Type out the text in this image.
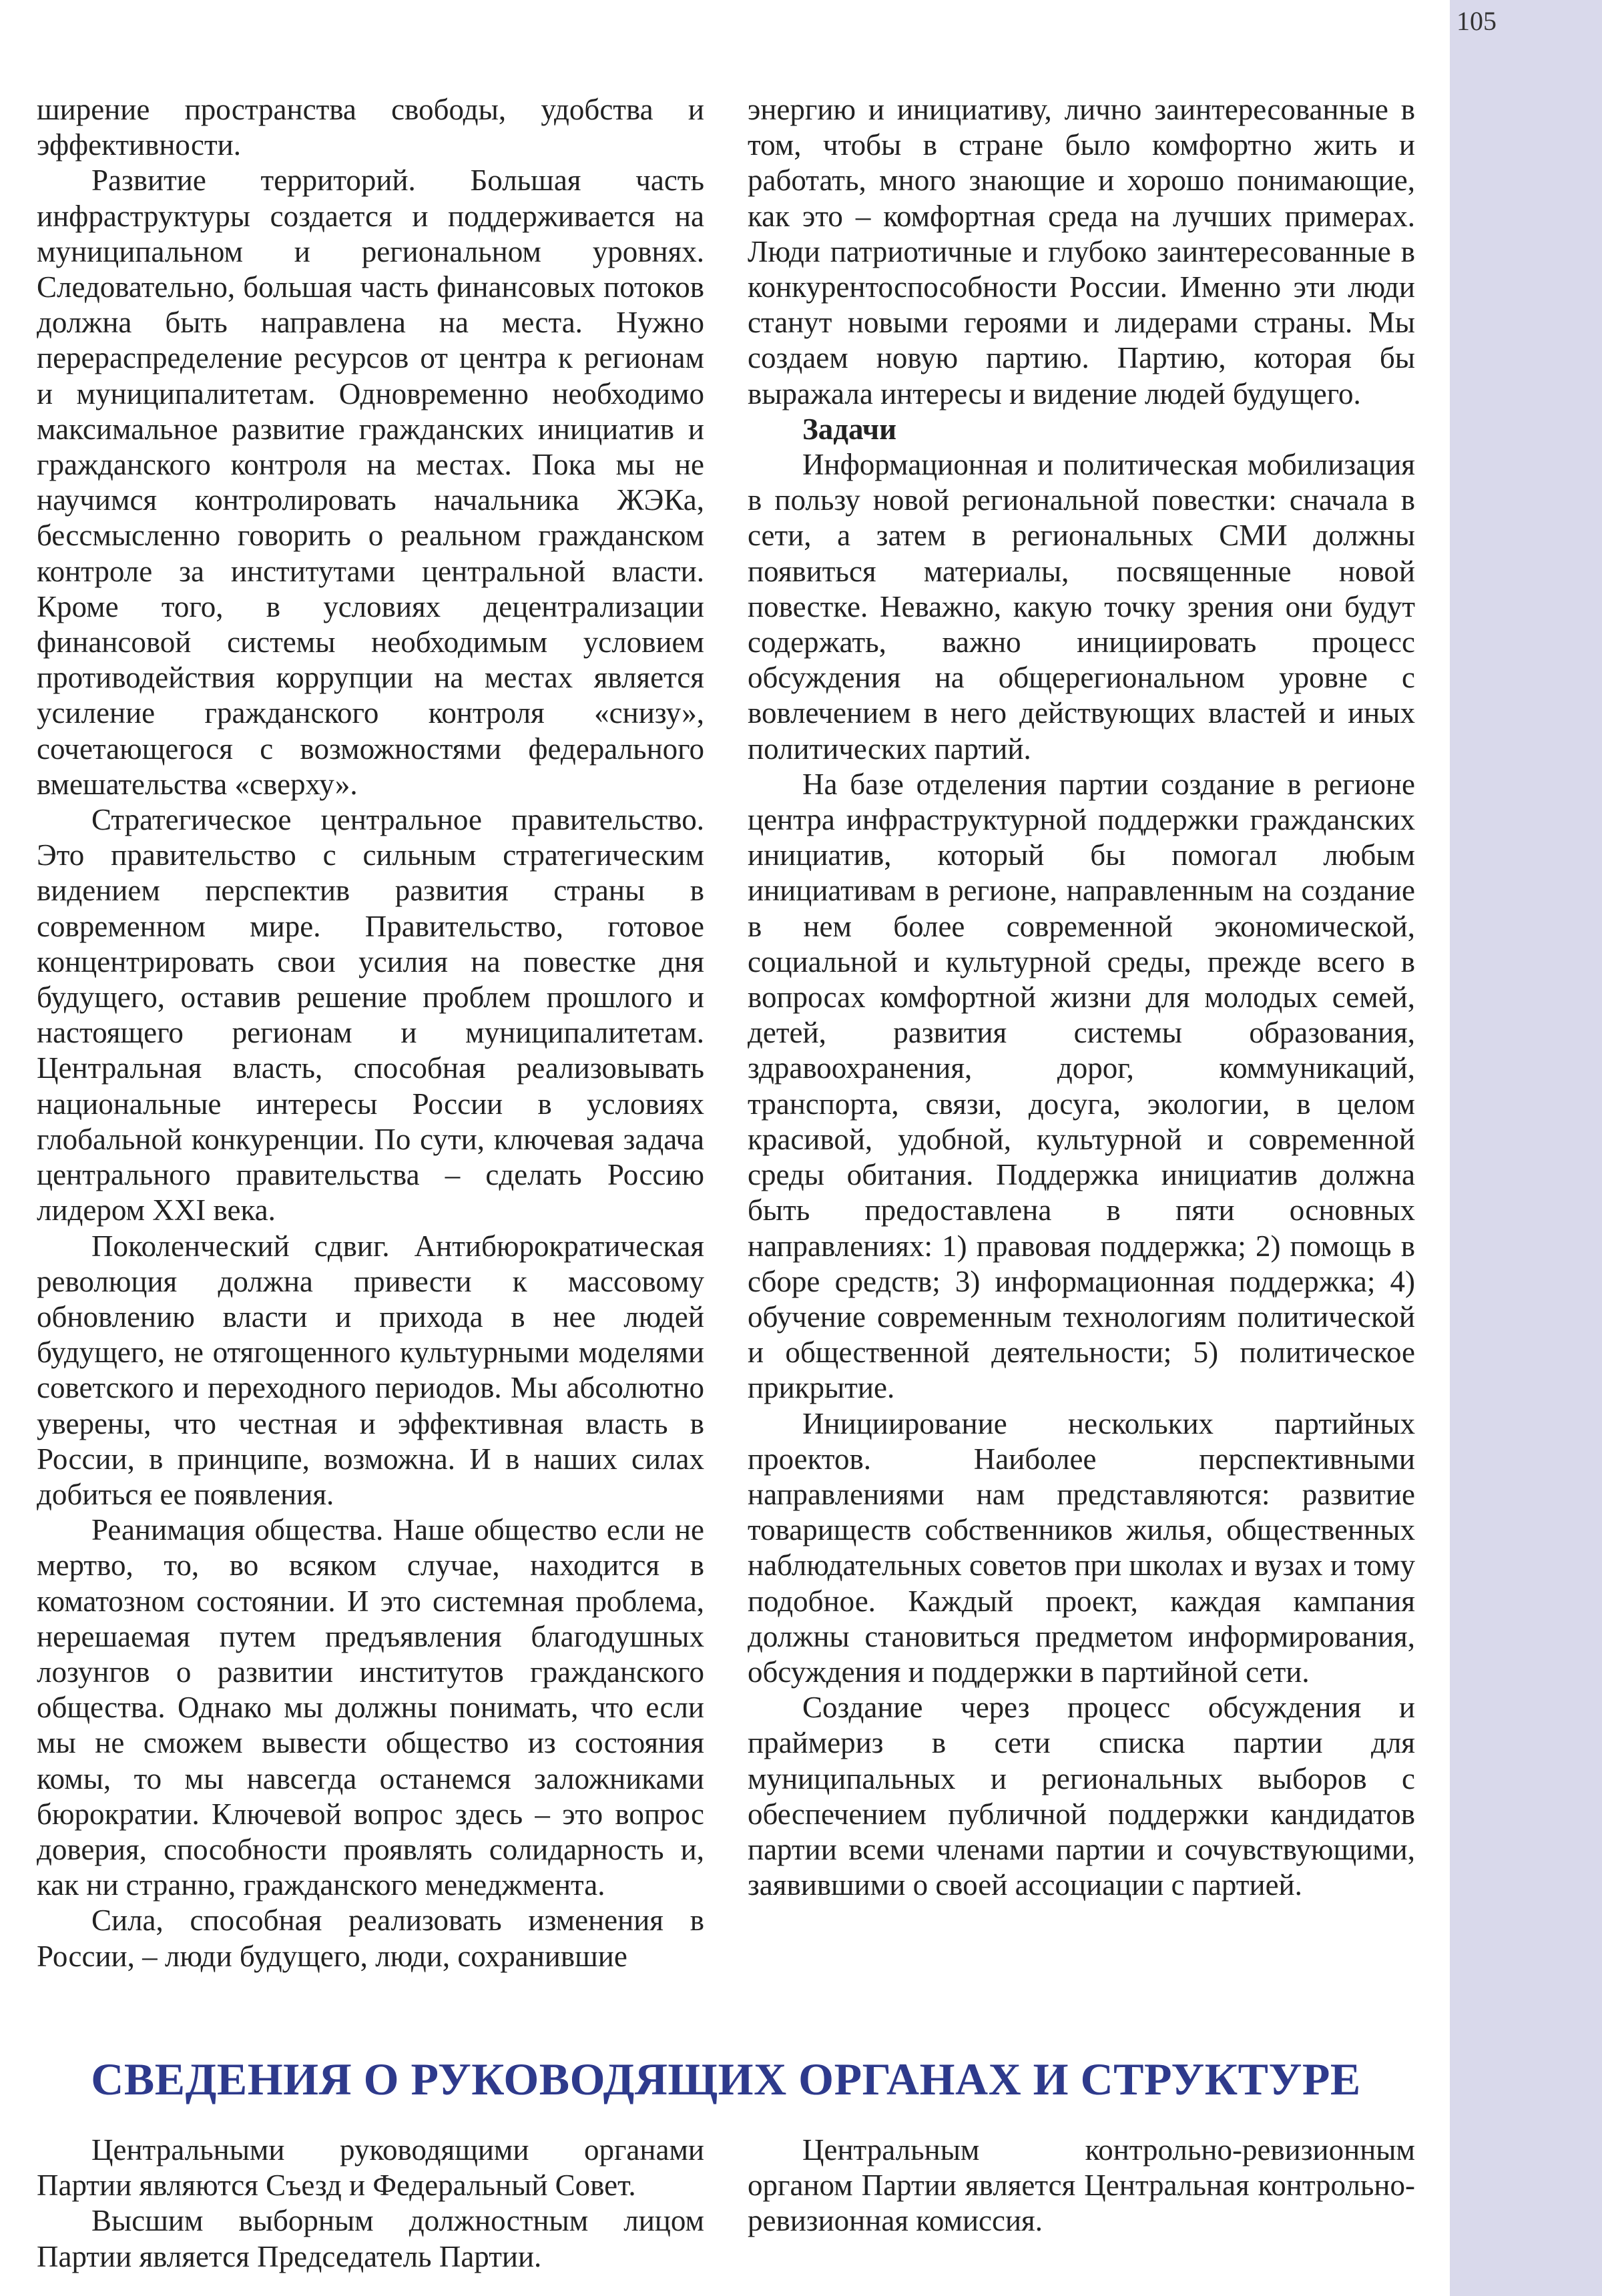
105

ширение пространства свободы, удобства и эффективности.

Развитие территорий. Большая часть инфраструктуры создается и поддерживается на муниципальном и региональном уровнях. Следовательно, большая часть финансовых потоков должна быть направлена на места. Нужно перераспределение ресурсов от центра к регионам и муниципалитетам. Одновременно необходимо максимальное развитие гражданских инициатив и гражданского контроля на местах. Пока мы не научимся контролировать начальника ЖЭКа, бессмысленно говорить о реальном гражданском контроле за институтами центральной власти. Кроме того, в условиях децентрализации финансовой системы необходимым условием противодействия коррупции на местах является усиление гражданского контроля «снизу», сочетающегося с возможностями федерального вмешательства «сверху».

Стратегическое центральное правительство. Это правительство с сильным стратегическим видением перспектив развития страны в современном мире. Правительство, готовое концентрировать свои усилия на повестке дня будущего, оставив решение проблем прошлого и настоящего регионам и муниципалитетам. Центральная власть, способная реализовывать национальные интересы России в условиях глобальной конкуренции. По сути, ключевая задача центрального правительства – сделать Россию лидером XXI века.

Поколенческий сдвиг. Антибюрократическая революция должна привести к массовому обновлению власти и прихода в нее людей будущего, не отягощенного культурными моделями советского и переходного периодов. Мы абсолютно уверены, что честная и эффективная власть в России, в принципе, возможна. И в наших силах добиться ее появления.

Реанимация общества. Наше общество если не мертво, то, во всяком случае, находится в коматозном состоянии. И это системная проблема, нерешаемая путем предъявления благодушных лозунгов о развитии институтов гражданского общества. Однако мы должны понимать, что если мы не сможем вывести общество из состояния комы, то мы навсегда останемся заложниками бюрократии. Ключевой вопрос здесь – это вопрос доверия, способности проявлять солидарность и, как ни странно, гражданского менеджмента.

Сила, способная реализовать изменения в России, – люди будущего, люди, сохранившие

энергию и инициативу, лично заинтересованные в том, чтобы в стране было комфортно жить и работать, много знающие и хорошо понимающие, как это – комфортная среда на лучших примерах. Люди патриотичные и глубоко заинтересованные в конкурентоспособности России. Именно эти люди станут новыми героями и лидерами страны. Мы создаем новую партию. Партию, которая бы выражала интересы и видение людей будущего.

Задачи

Информационная и политическая мобилизация в пользу новой региональной повестки: сначала в сети, а затем в региональных СМИ должны появиться материалы, посвященные новой повестке. Неважно, какую точку зрения они будут содержать, важно инициировать процесс обсуждения на общерегиональном уровне с вовлечением в него действующих властей и иных политических партий.

На базе отделения партии создание в регионе центра инфраструктурной поддержки гражданских инициатив, который бы помогал любым инициативам в регионе, направленным на создание в нем более современной экономической, социальной и культурной среды, прежде всего в вопросах комфортной жизни для молодых семей, детей, развития системы образования, здравоохранения, дорог, коммуникаций, транспорта, связи, досуга, экологии, в целом красивой, удобной, культурной и современной среды обитания. Поддержка инициатив должна быть предоставлена в пяти основных направлениях: 1) правовая поддержка; 2) помощь в сборе средств; 3) информационная поддержка; 4) обучение современным технологиям политической и общественной деятельности; 5) политическое прикрытие.

Инициирование нескольких партийных проектов. Наиболее перспективными направлениями нам представляются: развитие товариществ собственников жилья, общественных наблюдательных советов при школах и вузах и тому подобное. Каждый проект, каждая кампания должны становиться предметом информирования, обсуждения и поддержки в партийной сети.

Создание через процесс обсуждения и праймериз в сети списка партии для муниципальных и региональных выборов с обеспечением публичной поддержки кандидатов партии всеми членами партии и сочувствующими, заявившими о своей ассоциации с партией.

СВЕДЕНИЯ О РУКОВОДЯЩИХ ОРГАНАХ И СТРУКТУРЕ

Центральными руководящими органами Партии являются Съезд и Федеральный Совет.

Высшим выборным должностным лицом Партии является Председатель Партии.

Центральным контрольно-ревизионным органом Партии является Центральная контрольно-ревизионная комиссия.
